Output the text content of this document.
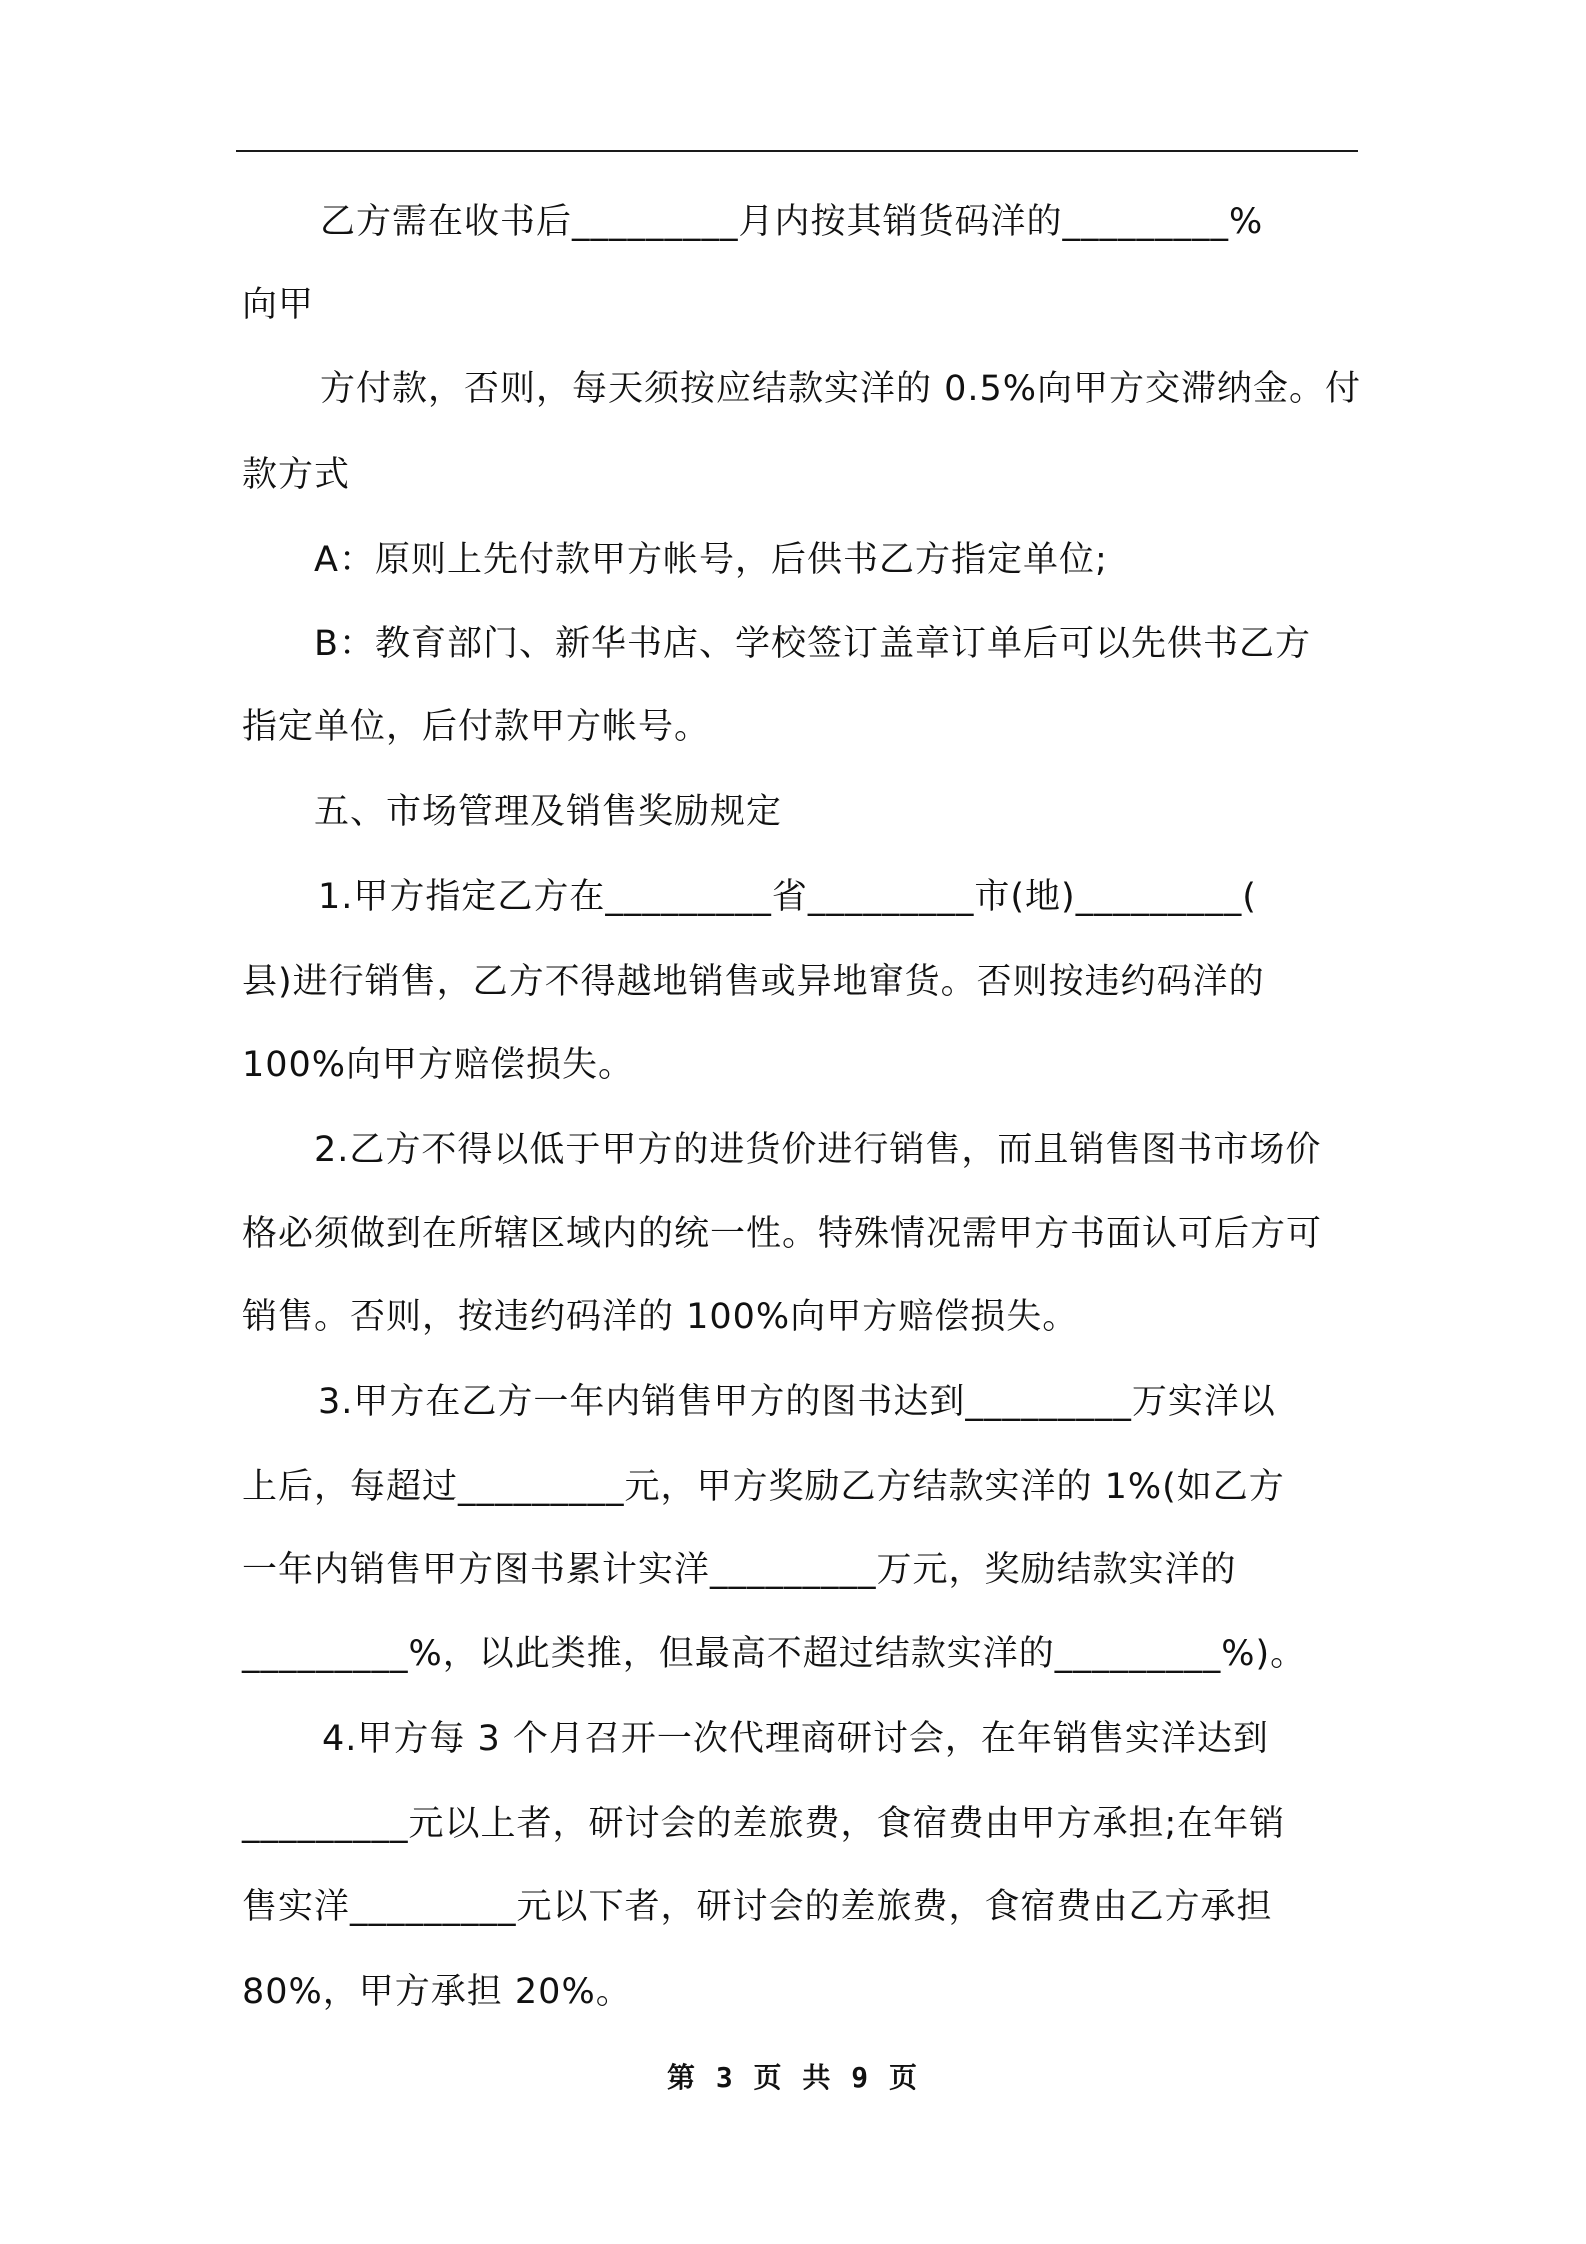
乙方需在收书后_________月内按其销货码洋的_________%
向甲
方付款，否则，每天须按应结款实洋的 0.5%向甲方交滞纳金。付
款方式
A：原则上先付款甲方帐号，后供书乙方指定单位;
B：教育部门、新华书店、学校签订盖章订单后可以先供书乙方
指定单位，后付款甲方帐号。
五、市场管理及销售奖励规定
1.甲方指定乙方在_________省_________市(地)_________(
县)进行销售，乙方不得越地销售或异地窜货。否则按违约码洋的
100%向甲方赔偿损失。
2.乙方不得以低于甲方的进货价进行销售，而且销售图书市场价
格必须做到在所辖区域内的统一性。特殊情况需甲方书面认可后方可
销售。否则，按违约码洋的 100%向甲方赔偿损失。
3.甲方在乙方一年内销售甲方的图书达到_________万实洋以
上后，每超过_________元，甲方奖励乙方结款实洋的 1%(如乙方
一年内销售甲方图书累计实洋_________万元，奖励结款实洋的
_________%，以此类推，但最高不超过结款实洋的_________%)。
4.甲方每 3 个月召开一次代理商研讨会，在年销售实洋达到
_________元以上者，研讨会的差旅费，食宿费由甲方承担;在年销
售实洋_________元以下者，研讨会的差旅费，食宿费由乙方承担
80%，甲方承担 20%。
第 3 页 共 9 页
